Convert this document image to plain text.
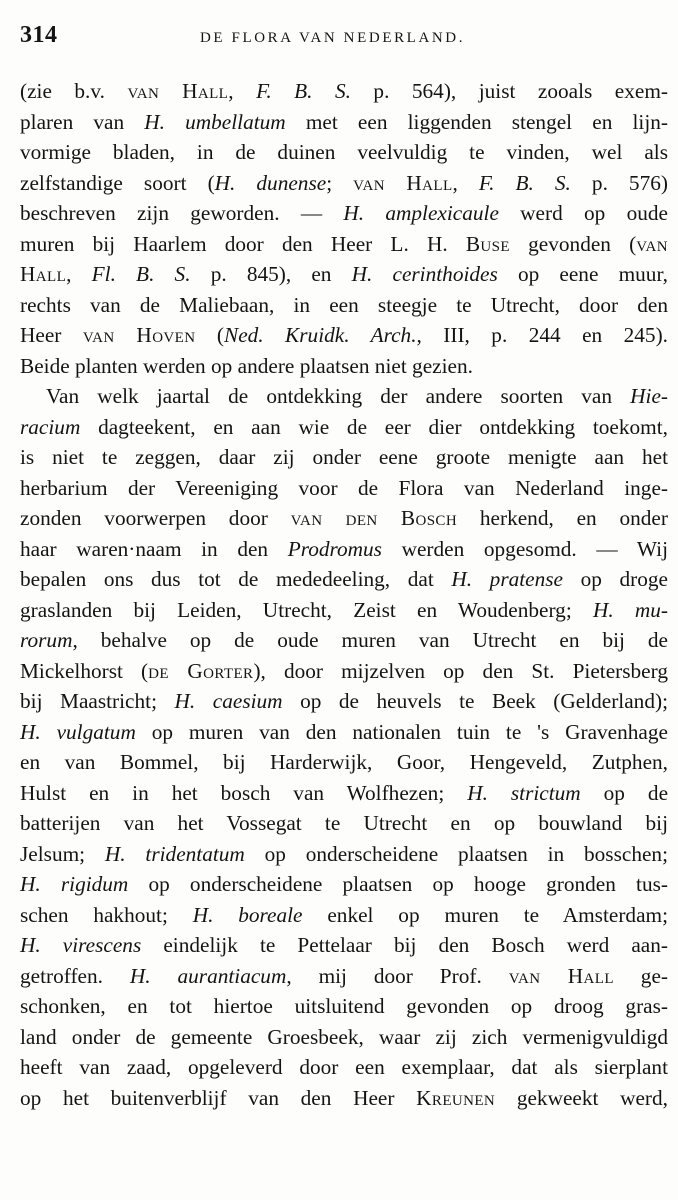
314	DE FLORA VAN NEDERLAND.
(zie b.v. van Hall, F. B. S. p. 564), juist zooals exem-
plaren van H. umbellatum met een liggenden stengel en lijn-
vormige bladen, in de duinen veelvuldig te vinden, wel als
zelfstandige soort (H. dunense; van Hall, F. B. S. p. 576)
beschreven zijn geworden. — H. amplexicaule werd op oude
muren bij Haarlem door den Heer L. H. Buse gevonden (van
Hall, Fl. B. S. p. 845), en H. cerinthoides op eene muur,
rechts van de Maliebaan, in een steegje te Utrecht, door den
Heer van Hoven (Ned. Kruidk. Arch., III, p. 244 en 245).
Beide planten werden op andere plaatsen niet gezien.
Van welk jaartal de ontdekking der andere soorten van Hie-
racium dagteekent, en aan wie de eer dier ontdekking toekomt,
is niet te zeggen, daar zij onder eene groote menigte aan het
herbarium der Vereeniging voor de Flora van Nederland inge-
zonden voorwerpen door van den Bosch herkend, en onder
haar waren·naam in den Prodromus werden opgesomd. — Wij
bepalen ons dus tot de mededeeling, dat H. pratense op droge
graslanden bij Leiden, Utrecht, Zeist en Woudenberg; H. mu-
rorum, behalve op de oude muren van Utrecht en bij de
Mickelhorst (de Gorter), door mijzelven op den St. Pietersberg
bij Maastricht; H. caesium op de heuvels te Beek (Gelderland);
H. vulgatum op muren van den nationalen tuin te 's Gravenhage
en van Bommel, bij Harderwijk, Goor, Hengeveld, Zutphen,
Hulst en in het bosch van Wolfhezen; H. strictum op de
batterijen van het Vossegat te Utrecht en op bouwland bij
Jelsum; H. tridentatum op onderscheidene plaatsen in bosschen;
H. rigidum op onderscheidene plaatsen op hooge gronden tus-
schen hakhout; H. boreale enkel op muren te Amsterdam;
H. virescens eindelijk te Pettelaar bij den Bosch werd aan-
getroffen. H. aurantiacum, mij door Prof. van Hall ge-
schonken, en tot hiertoe uitsluitend gevonden op droog gras-
land onder de gemeente Groesbeek, waar zij zich vermenigvuldigd
heeft van zaad, opgeleverd door een exemplaar, dat als sierplant
op het buitenverblijf van den Heer Kreunen gekweekt werd,
